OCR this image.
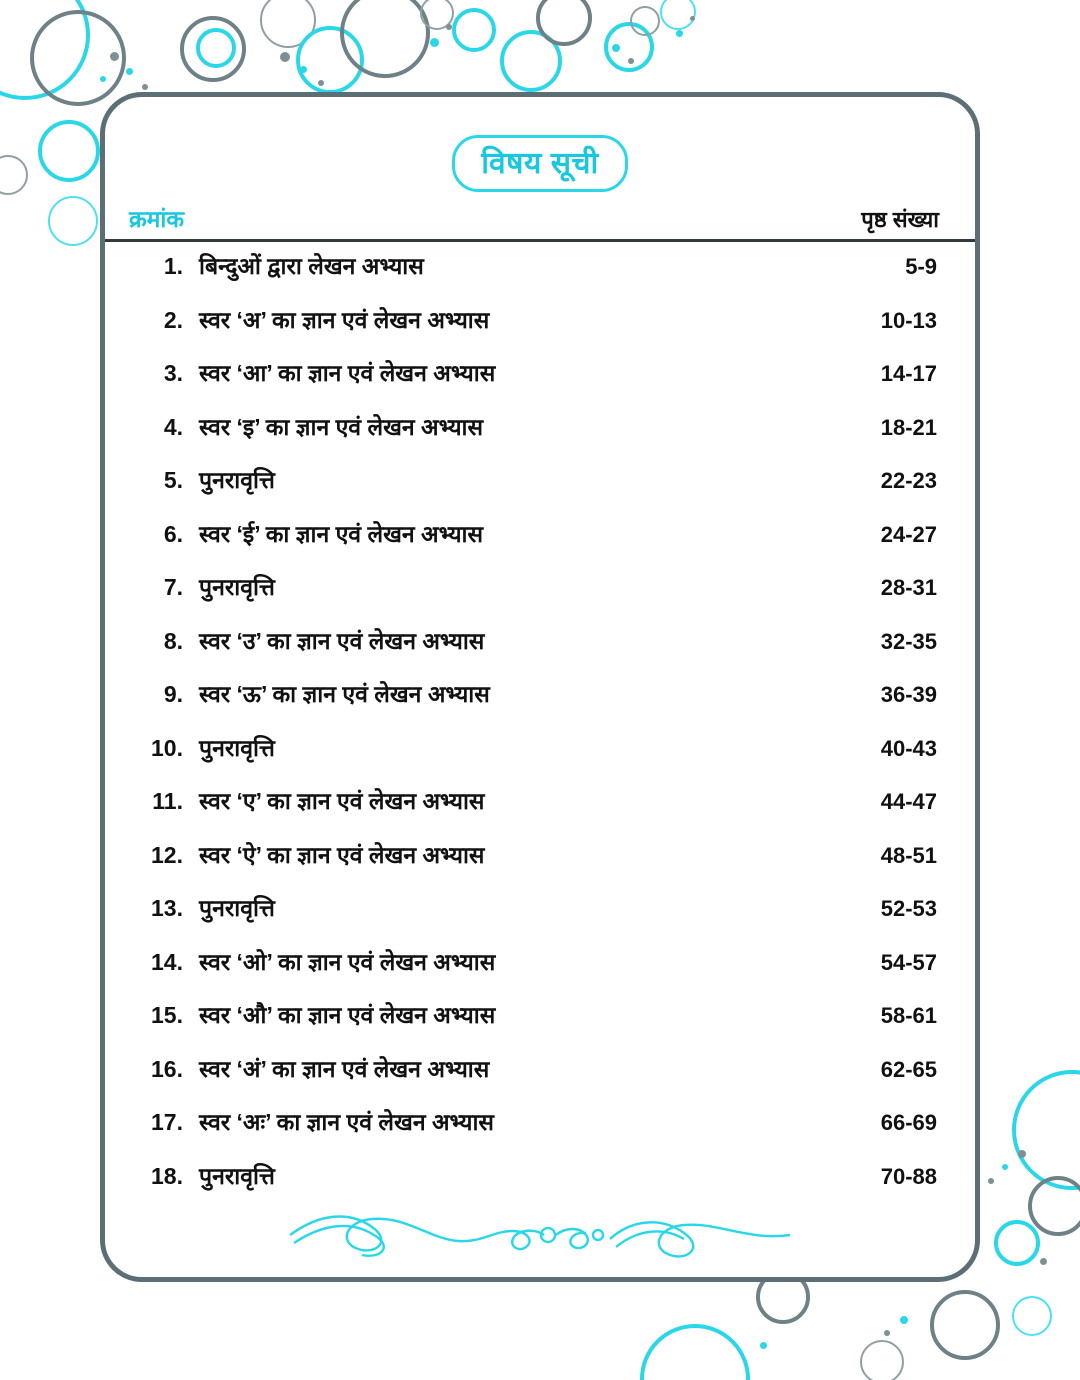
विषय सूची
क्रमांक	पृष्ठ संख्या
1. बिन्दुओं द्वारा लेखन अभ्यास	5-9
2. स्वर ‘अ’ का ज्ञान एवं लेखन अभ्यास	10-13
3. स्वर ‘आ’ का ज्ञान एवं लेखन अभ्यास	14-17
4. स्वर ‘इ’ का ज्ञान एवं लेखन अभ्यास	18-21
5. पुनरावृत्ति	22-23
6. स्वर ‘ई’ का ज्ञान एवं लेखन अभ्यास	24-27
7. पुनरावृत्ति	28-31
8. स्वर ‘उ’ का ज्ञान एवं लेखन अभ्यास	32-35
9. स्वर ‘ऊ’ का ज्ञान एवं लेखन अभ्यास	36-39
10. पुनरावृत्ति	40-43
11. स्वर ‘ए’ का ज्ञान एवं लेखन अभ्यास	44-47
12. स्वर ‘ऐ’ का ज्ञान एवं लेखन अभ्यास	48-51
13. पुनरावृत्ति	52-53
14. स्वर ‘ओ’ का ज्ञान एवं लेखन अभ्यास	54-57
15. स्वर ‘औ’ का ज्ञान एवं लेखन अभ्यास	58-61
16. स्वर ‘अं’ का ज्ञान एवं लेखन अभ्यास	62-65
17. स्वर ‘अः’ का ज्ञान एवं लेखन अभ्यास	66-69
18. पुनरावृत्ति	70-88
